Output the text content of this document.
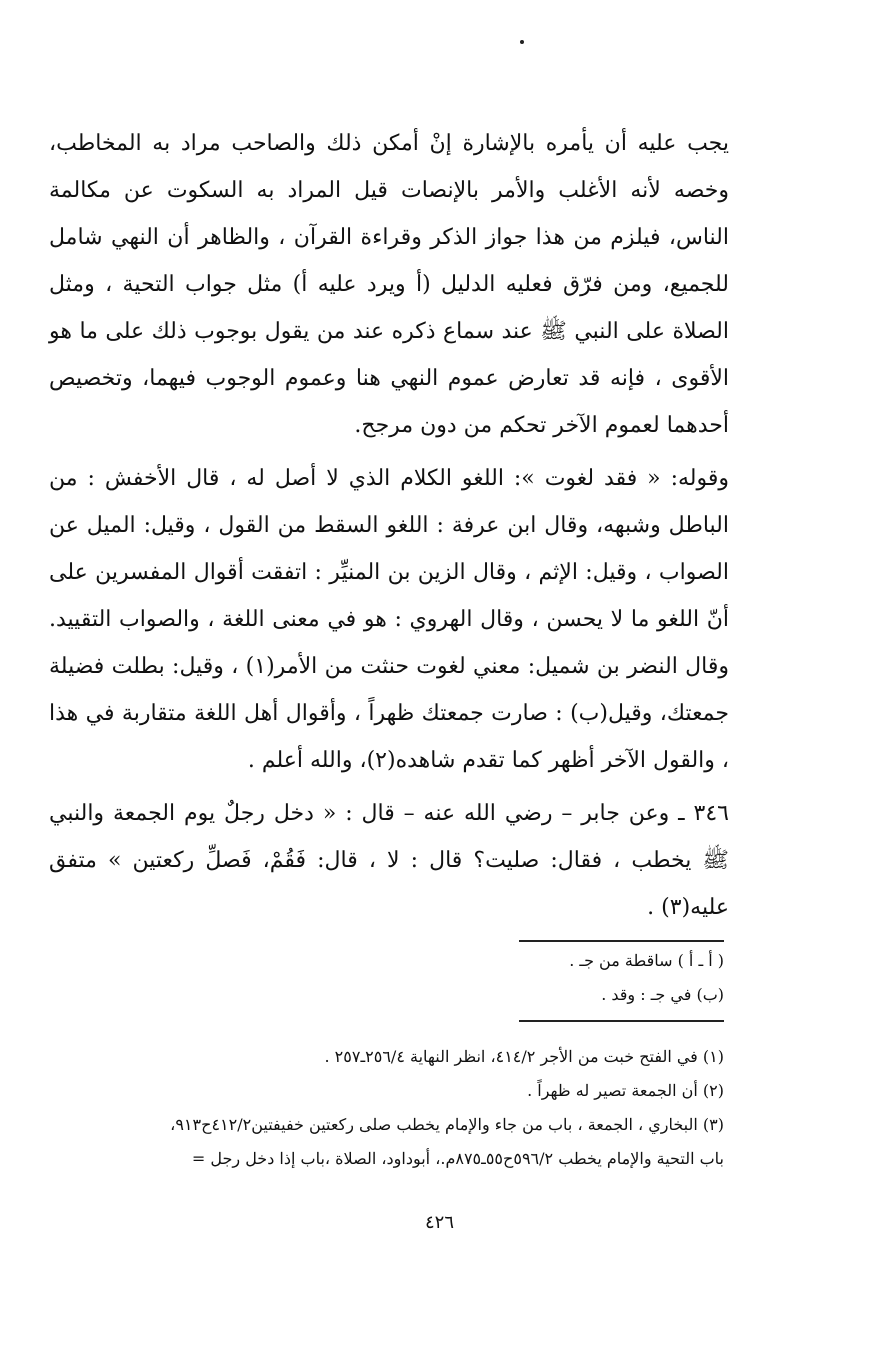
يجب عليه أن يأمره بالإشارة إنْ أمكن ذلك والصاحب مراد به المخاطب، وخصه لأنه الأغلب والأمر بالإنصات قيل المراد به السكوت عن مكالمة الناس، فيلزم من هذا جواز الذكر وقراءة القرآن ، والظاهر أن النهي شامل للجميع، ومن فرّق فعليه الدليل (أ ويرد عليه أ) مثل جواب التحية ، ومثل الصلاة على النبي ﷺ عند سماع ذكره عند من يقول بوجوب ذلك على ما هو الأقوى ، فإنه قد تعارض عموم النهي هنا وعموم الوجوب فيهما، وتخصيص أحدهما لعموم الآخر تحكم من دون مرجح.

وقوله: « فقد لغوت »: اللغو الكلام الذي لا أصل له ، قال الأخفش : من الباطل وشبهه، وقال ابن عرفة : اللغو السقط من القول ، وقيل: الميل عن الصواب ، وقيل: الإثم ، وقال الزين بن المنيِّر : اتفقت أقوال المفسرين على أنّ اللغو ما لا يحسن ، وقال الهروي : هو في معنى اللغة ، والصواب التقييد. وقال النضر بن شميل: معني لغوت حنثت من الأمر(١) ، وقيل: بطلت فضيلة جمعتك، وقيل(ب) : صارت جمعتك ظهراً ، وأقوال أهل اللغة متقاربة في هذا ، والقول الآخر أظهر كما تقدم شاهده(٢)، والله أعلم .

٣٤٦ ـ وعن جابر – رضي الله عنه – قال : « دخل رجلٌ يوم الجمعة والنبي ﷺ يخطب ، فقال: صليت؟ قال : لا ، قال: فَقُمْ، فَصلِّ ركعتين » متفق عليه(٣) .

( أ ـ أ ) ساقطة من جـ .
(ب) في جـ : وقد .
(١) في الفتح خبت من الأجر ٤١٤/٢، انظر النهاية ٢٥٦/٤ـ٢٥٧ .
(٢) أن الجمعة تصير له ظهراً .
(٣) البخاري ، الجمعة ، باب من جاء والإمام يخطب صلى ركعتين خفيفتين٤١٢/٢ح٩١٣،
باب التحية والإمام يخطب ٥٩٦/٢ح٥٥ـ٨٧٥م.، أبوداود، الصلاة ،باب إذا دخل رجل =
٤٢٦
